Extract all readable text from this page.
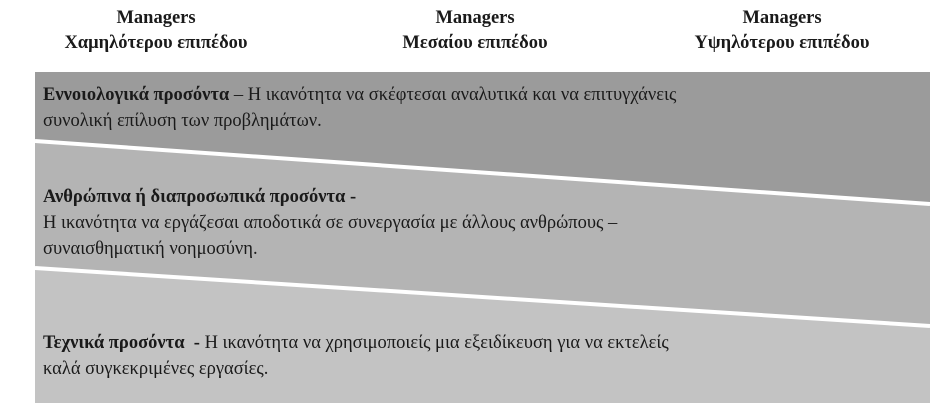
Managers
Χαμηλότερου επιπέδου
Managers
Μεσαίου επιπέδου
Managers
Υψηλότερου επιπέδου
Εννοιολογικά προσόντα – Η ικανότητα να σκέφτεσαι αναλυτικά και να επιτυγχάνεις
συνολική επίλυση των προβλημάτων.
Ανθρώπινα ή διαπροσωπικά προσόντα -
Η ικανότητα να εργάζεσαι αποδοτικά σε συνεργασία με άλλους ανθρώπους –
συναισθηματική νοημοσύνη.
Τεχνικά προσόντα  - Η ικανότητα να χρησιμοποιείς μια εξειδίκευση για να εκτελείς
καλά συγκεκριμένες εργασίες.
